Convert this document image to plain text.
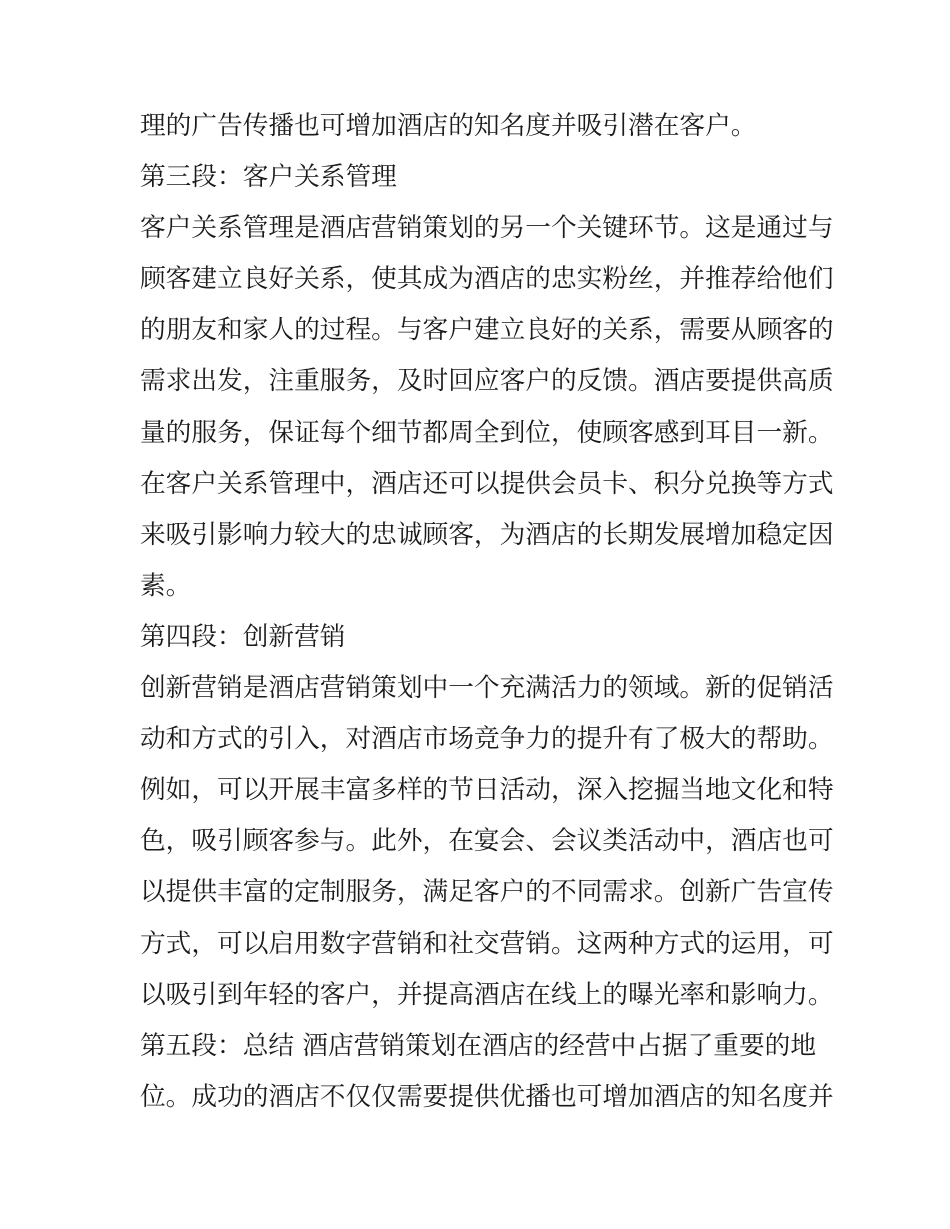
理的广告传播也可增加酒店的知名度并吸引潜在客户。
第三段：客户关系管理
客户关系管理是酒店营销策划的另一个关键环节。这是通过与
顾客建立良好关系，使其成为酒店的忠实粉丝，并推荐给他们
的朋友和家人的过程。与客户建立良好的关系，需要从顾客的
需求出发，注重服务，及时回应客户的反馈。酒店要提供高质
量的服务，保证每个细节都周全到位，使顾客感到耳目一新。
在客户关系管理中，酒店还可以提供会员卡、积分兑换等方式
来吸引影响力较大的忠诚顾客，为酒店的长期发展增加稳定因
素。
第四段：创新营销
创新营销是酒店营销策划中一个充满活力的领域。新的促销活
动和方式的引入，对酒店市场竞争力的提升有了极大的帮助。
例如，可以开展丰富多样的节日活动，深入挖掘当地文化和特
色，吸引顾客参与。此外，在宴会、会议类活动中，酒店也可
以提供丰富的定制服务，满足客户的不同需求。创新广告宣传
方式，可以启用数字营销和社交营销。这两种方式的运用，可
以吸引到年轻的客户，并提高酒店在线上的曝光率和影响力。
第五段：总结 酒店营销策划在酒店的经营中占据了重要的地
位。成功的酒店不仅仅需要提供优播也可增加酒店的知名度并
